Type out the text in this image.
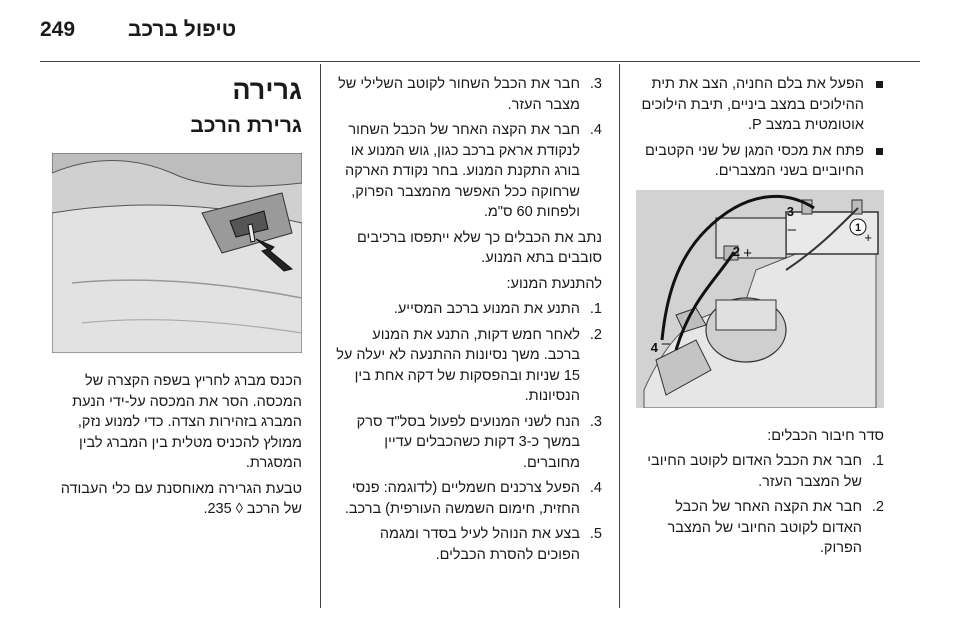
249	טיפול ברכב
הפעל את בלם החניה, הצב את תית ההילוכים במצב ביניים, תיבת הילוכים אוטומטית במצב P.
פתח את מכסי המגן של שני הקטבים החיוביים בשני המצברים.
1
+
2 +
3
–
4 –

סדר חיבור הכבלים:

1.
חבר את הכבל האדום לקוטב החיובי של המצבר העזר.
2.
חבר את הקצה האחר של הכבל האדום לקוטב החיובי של המצבר הפרוק.
3.
חבר את הכבל השחור לקוטב השלילי של מצבר העזר.
4.
חבר את הקצה האחר של הכבל השחור לנקודת אראק ברכב כגון, גוש המנוע או בורג התקנת המנוע. בחר נקודת הארקה שרחוקה ככל האפשר מהמצבר הפרוק, ולפחות 60 ס"מ.

נתב את הכבלים כך שלא ייתפסו ברכיבים סובבים בתא המנוע.

להתנעת המנוע:

1.
התנע את המנוע ברכב המסייע.
2.
לאחר חמש דקות, התנע את המנוע ברכב. משך נסיונות ההתנעה לא יעלה על 15 שניות ובהפסקות של דקה אחת בין הנסיונות.
3.
הנח לשני המנועים לפעול בסל"ד סרק במשך כ-3 דקות כשהכבלים עדיין מחוברים.
4.
הפעל צרכנים חשמליים (לדוגמה: פנסי החזית, חימום השמשה העורפית) ברכב.
5.
בצע את הנוהל לעיל בסדר ומגמה הפוכים להסרת הכבלים.
גרירה
גרירת הרכב

הכנס מברג לחריץ בשפה הקצרה של המכסה. הסר את המכסה על-ידי הנעת המברג בזהירות הצדה. כדי למנוע נזק, ממולץ להכניס מטלית בין המברג לבין המסגרת.

טבעת הגרירה מאוחסנת עם כלי העבודה של הרכב ◊ 235.
